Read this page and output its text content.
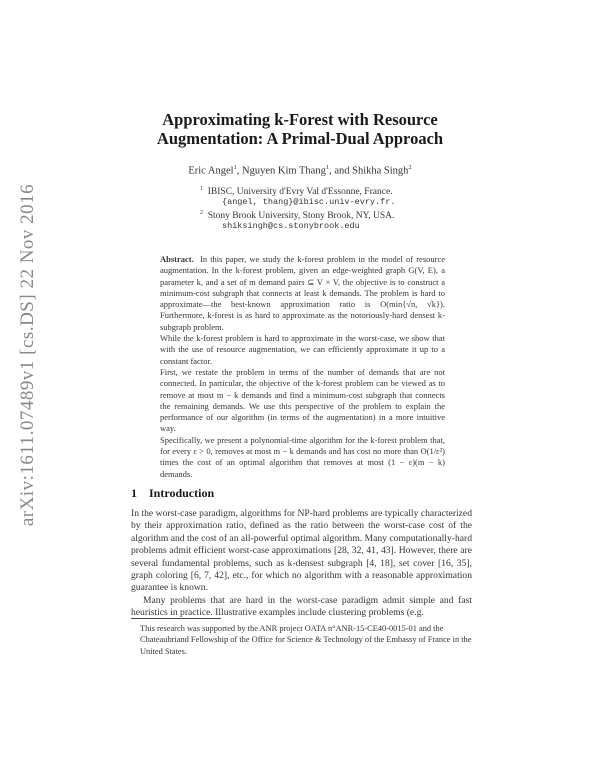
arXiv:1611.07489v1 [cs.DS] 22 Nov 2016
Approximating k-Forest with Resource
Augmentation: A Primal-Dual Approach
Eric Angel$^1$, Nguyen Kim Thang$^1$, and Shikha Singh$^2$
$^1$ IBISC, University d'Evry Val d'Essonne, France.
{angel, thang}@ibisc.univ-evry.fr.
$^2$ Stony Brook University, Stony Brook, NY, USA.
shiksingh@cs.stonybrook.edu

Abstract. In this paper, we study the k-forest problem in the model of resource augmentation. In the k-forest problem, given an edge-weighted graph G(V, E), a parameter k, and a set of m demand pairs ⊆ V × V, the objective is to construct a minimum-cost subgraph that connects at least k demands. The problem is hard to approximate—the best-known approximation ratio is O(min{√n, √k}). Furthermore, k-forest is as hard to approximate as the notoriously-hard densest k-subgraph problem.

While the k-forest problem is hard to approximate in the worst-case, we show that with the use of resource augmentation, we can efficiently approximate it up to a constant factor.

First, we restate the problem in terms of the number of demands that are not connected. In particular, the objective of the k-forest problem can be viewed as to remove at most m − k demands and find a minimum-cost subgraph that connects the remaining demands. We use this perspective of the problem to explain the performance of our algorithm (in terms of the augmentation) in a more intuitive way.

Specifically, we present a polynomial-time algorithm for the k-forest problem that, for every ε > 0, removes at most m − k demands and has cost no more than O(1/ε²) times the cost of an optimal algorithm that removes at most (1 − ε)(m − k) demands.

1 Introduction

In the worst-case paradigm, algorithms for NP-hard problems are typically characterized by their approximation ratio, defined as the ratio between the worst-case cost of the algorithm and the cost of an all-powerful optimal algorithm. Many computationally-hard problems admit efficient worst-case approximations [28, 32, 41, 43]. However, there are several fundamental problems, such as k-densest subgraph [4, 18], set cover [16, 35], graph coloring [6, 7, 42], etc., for which no algorithm with a reasonable approximation guarantee is known.

Many problems that are hard in the worst-case paradigm admit simple and fast heuristics in practice. Illustrative examples include clustering problems (e.g.

This research was supported by the ANR project OATA n°ANR-15-CE40-0015-01 and the Chateaubriand Fellowship of the Office for Science & Technology of the Embassy of France in the United States.
